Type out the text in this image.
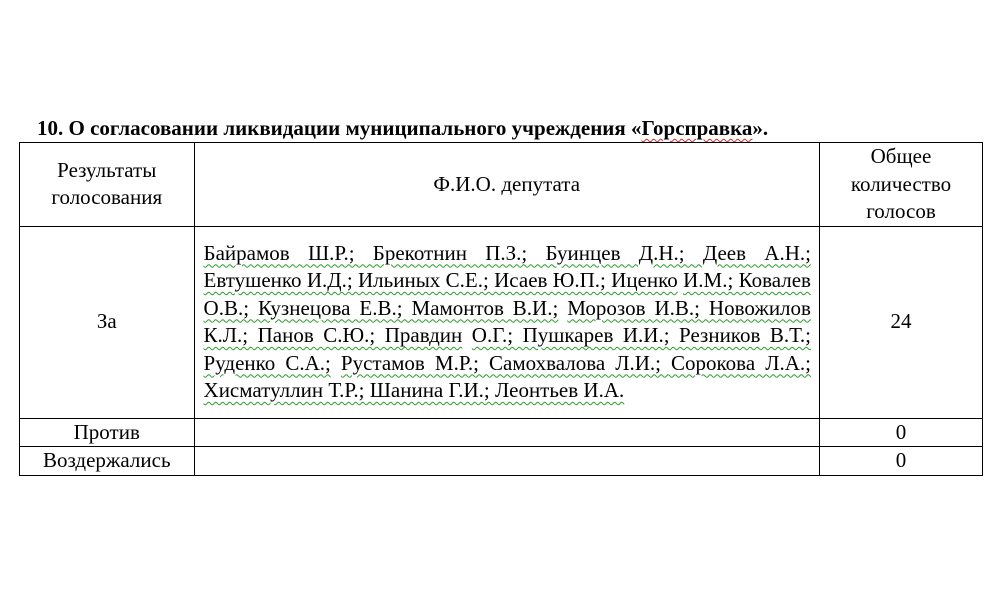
10. О согласовании ликвидации муниципального учреждения «Горсправка».
Результаты голосования	Ф.И.О. депутата	Общее количество голосов
За	Байрамов Ш.Р.; Брекотнин П.З.; Буинцев Д.Н.; Деев А.Н.; Евтушенко И.Д.; Ильиных С.Е.; Исаев Ю.П.; Иценко И.М.; Ковалев О.В.; Кузнецова Е.В.; Мамонтов В.И.; Морозов И.В.; Новожилов К.Л.; Панов С.Ю.; Правдин О.Г.; Пушкарев И.И.; Резников В.Т.; Руденко С.А.; Рустамов М.Р.; Самохвалова Л.И.; Сорокова Л.А.; Хисматуллин Т.Р.; Шанина Г.И.; Леонтьев И.А.	24
Против		0
Воздержались		0
